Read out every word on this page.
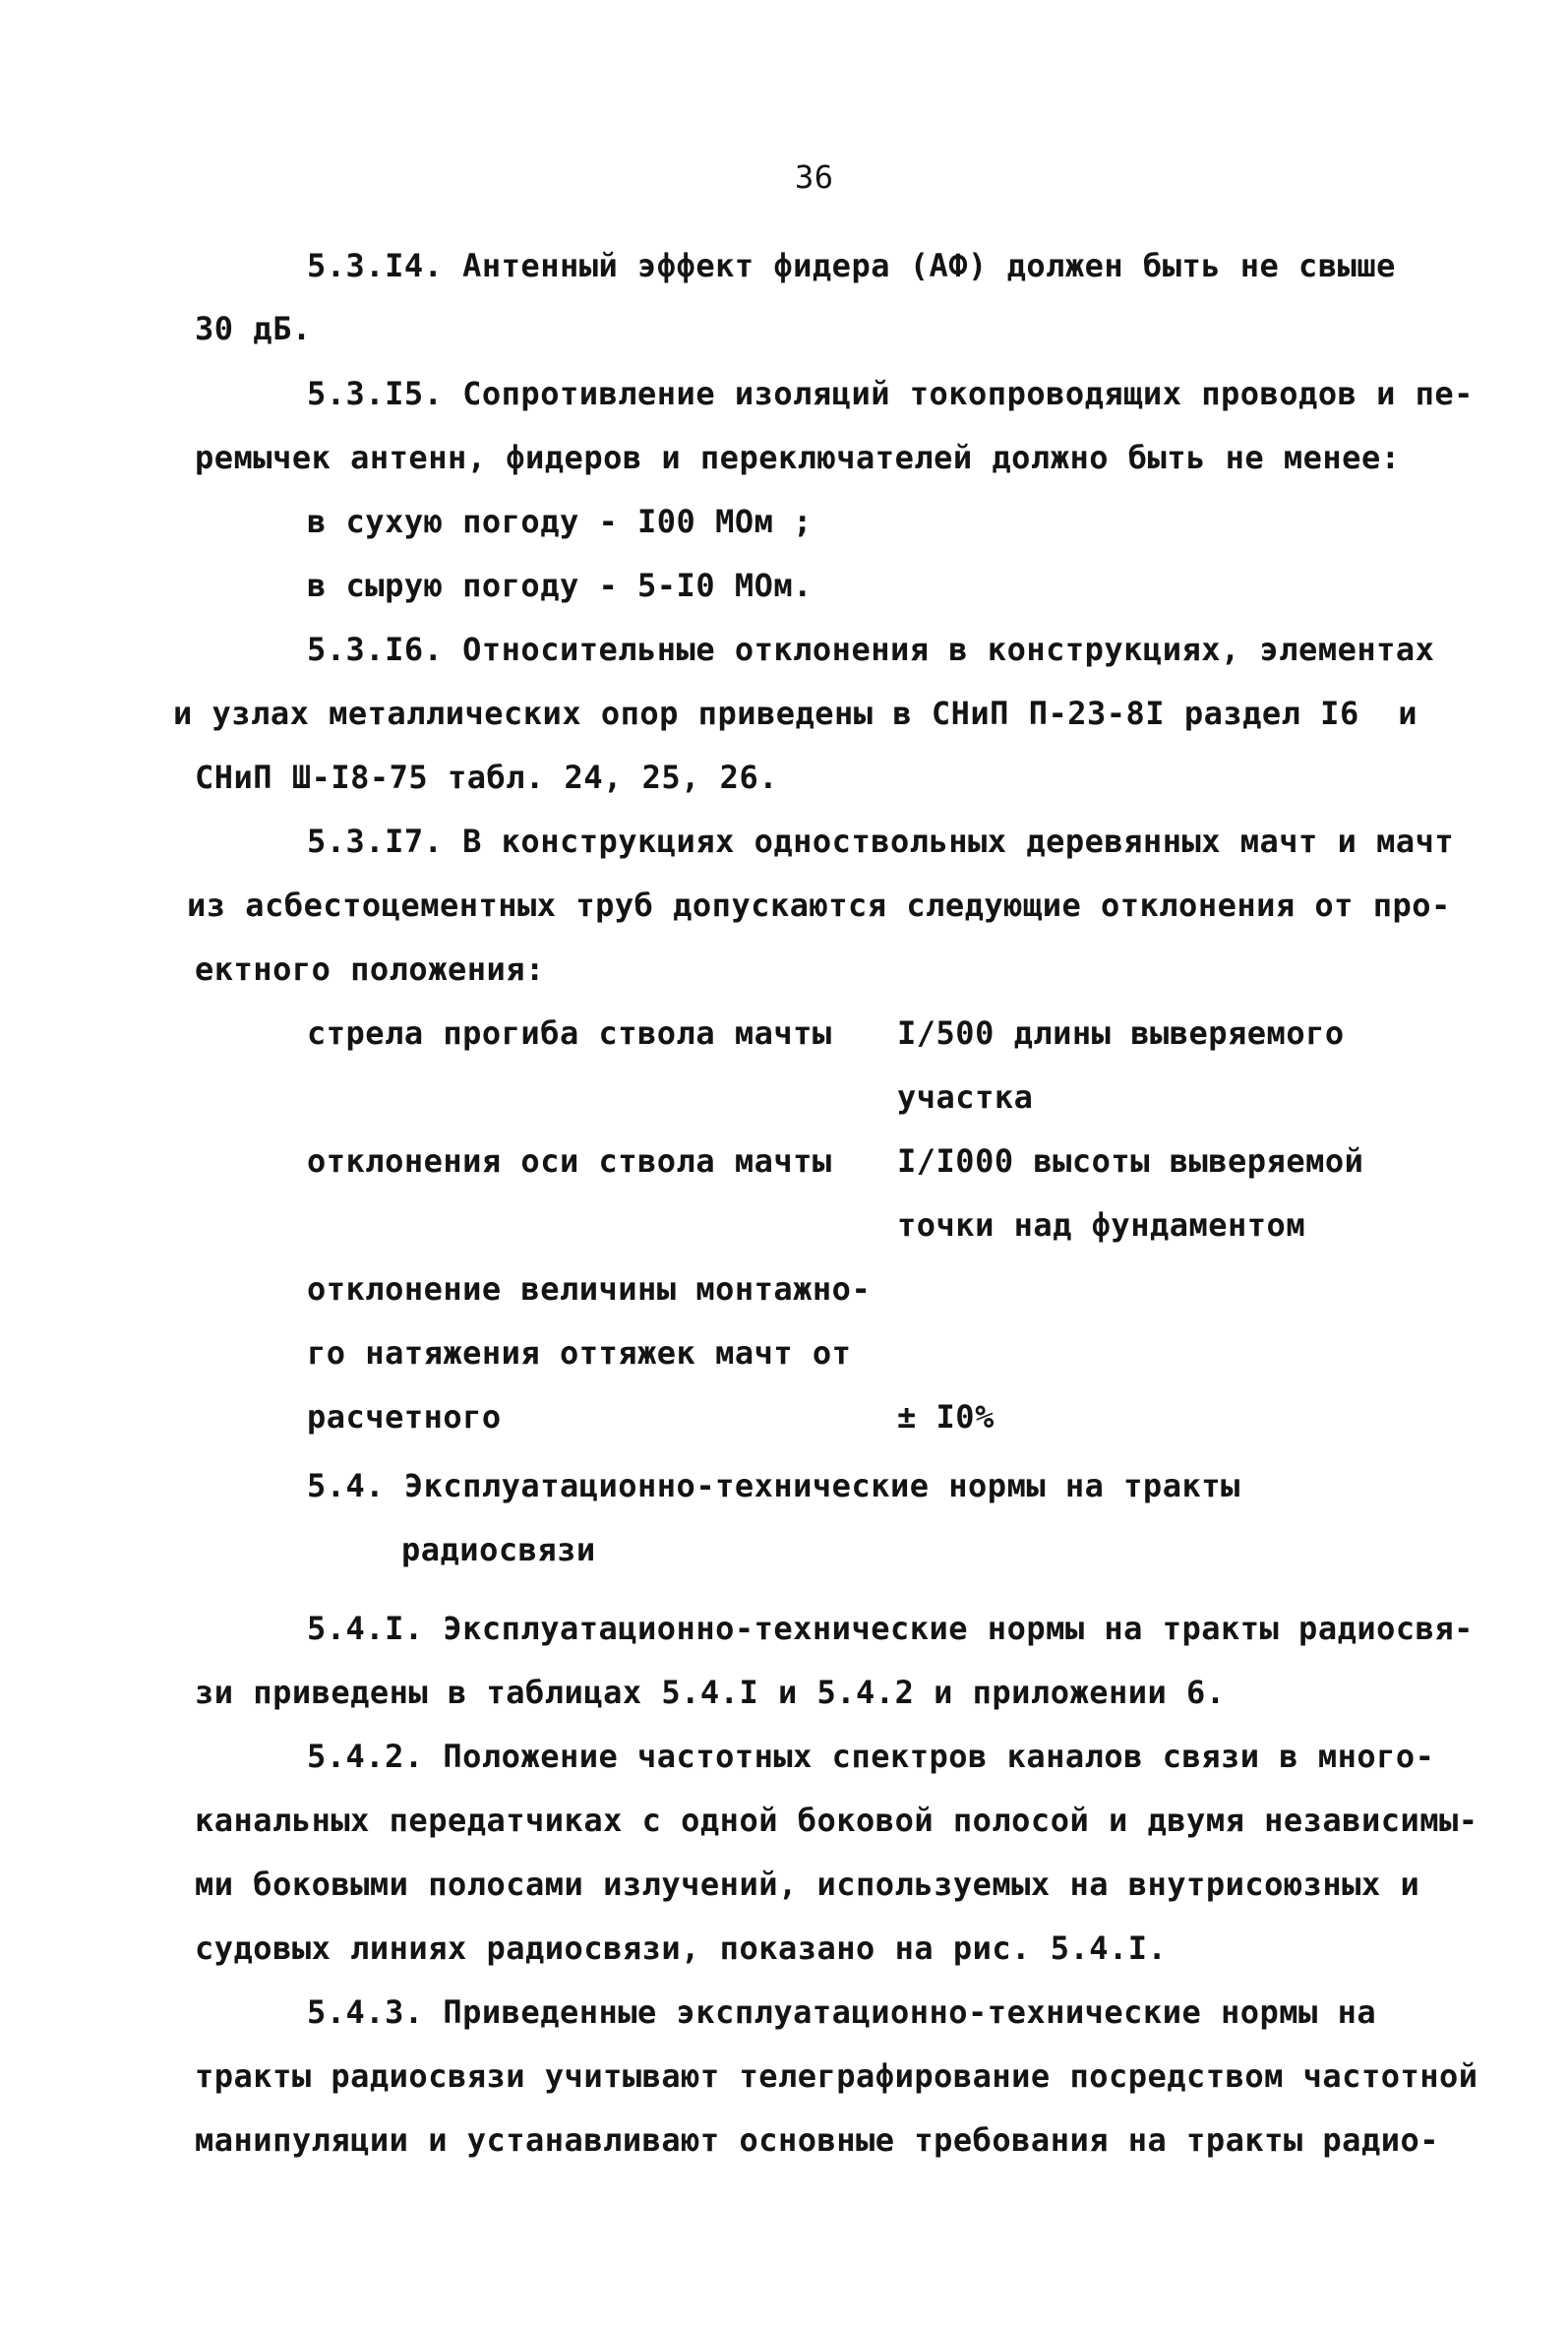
36
5.3.I4. Антенный эффект фидера (АФ) должен быть не свыше
30 дБ.
5.3.I5. Сопротивление изоляций токопроводящих проводов и пе-
ремычек антенн, фидеров и переключателей должно быть не менее:
в сухую погоду - I00 МОм ;
в сырую погоду - 5-I0 МОм.
5.3.I6. Относительные отклонения в конструкциях, элементах
и узлах металлических опор приведены в СНиП П-23-8I раздел I6  и
СНиП Ш-I8-75 табл. 24, 25, 26.
5.3.I7. В конструкциях одноствольных деревянных мачт и мачт
из асбестоцементных труб допускаются следующие отклонения от про-
ектного положения:
стрела прогиба ствола мачты I/500 длины выверяемого
участка
отклонения оси ствола мачты I/I000 высоты выверяемой
точки над фундаментом
отклонение величины монтажно-
го натяжения оттяжек мачт от
расчетного	± I0%
5.4. Эксплуатационно-технические нормы на тракты
радиосвязи
5.4.I. Эксплуатационно-технические нормы на тракты радиосвя-
зи приведены в таблицах 5.4.I и 5.4.2 и приложении 6.
5.4.2. Положение частотных спектров каналов связи в много-
канальных передатчиках с одной боковой полосой и двумя независимы-
ми боковыми полосами излучений, используемых на внутрисоюзных и
судовых линиях радиосвязи, показано на рис. 5.4.I.
5.4.3. Приведенные эксплуатационно-технические нормы на
тракты радиосвязи учитывают телеграфирование посредством частотной
манипуляции и устанавливают основные требования на тракты радио-
